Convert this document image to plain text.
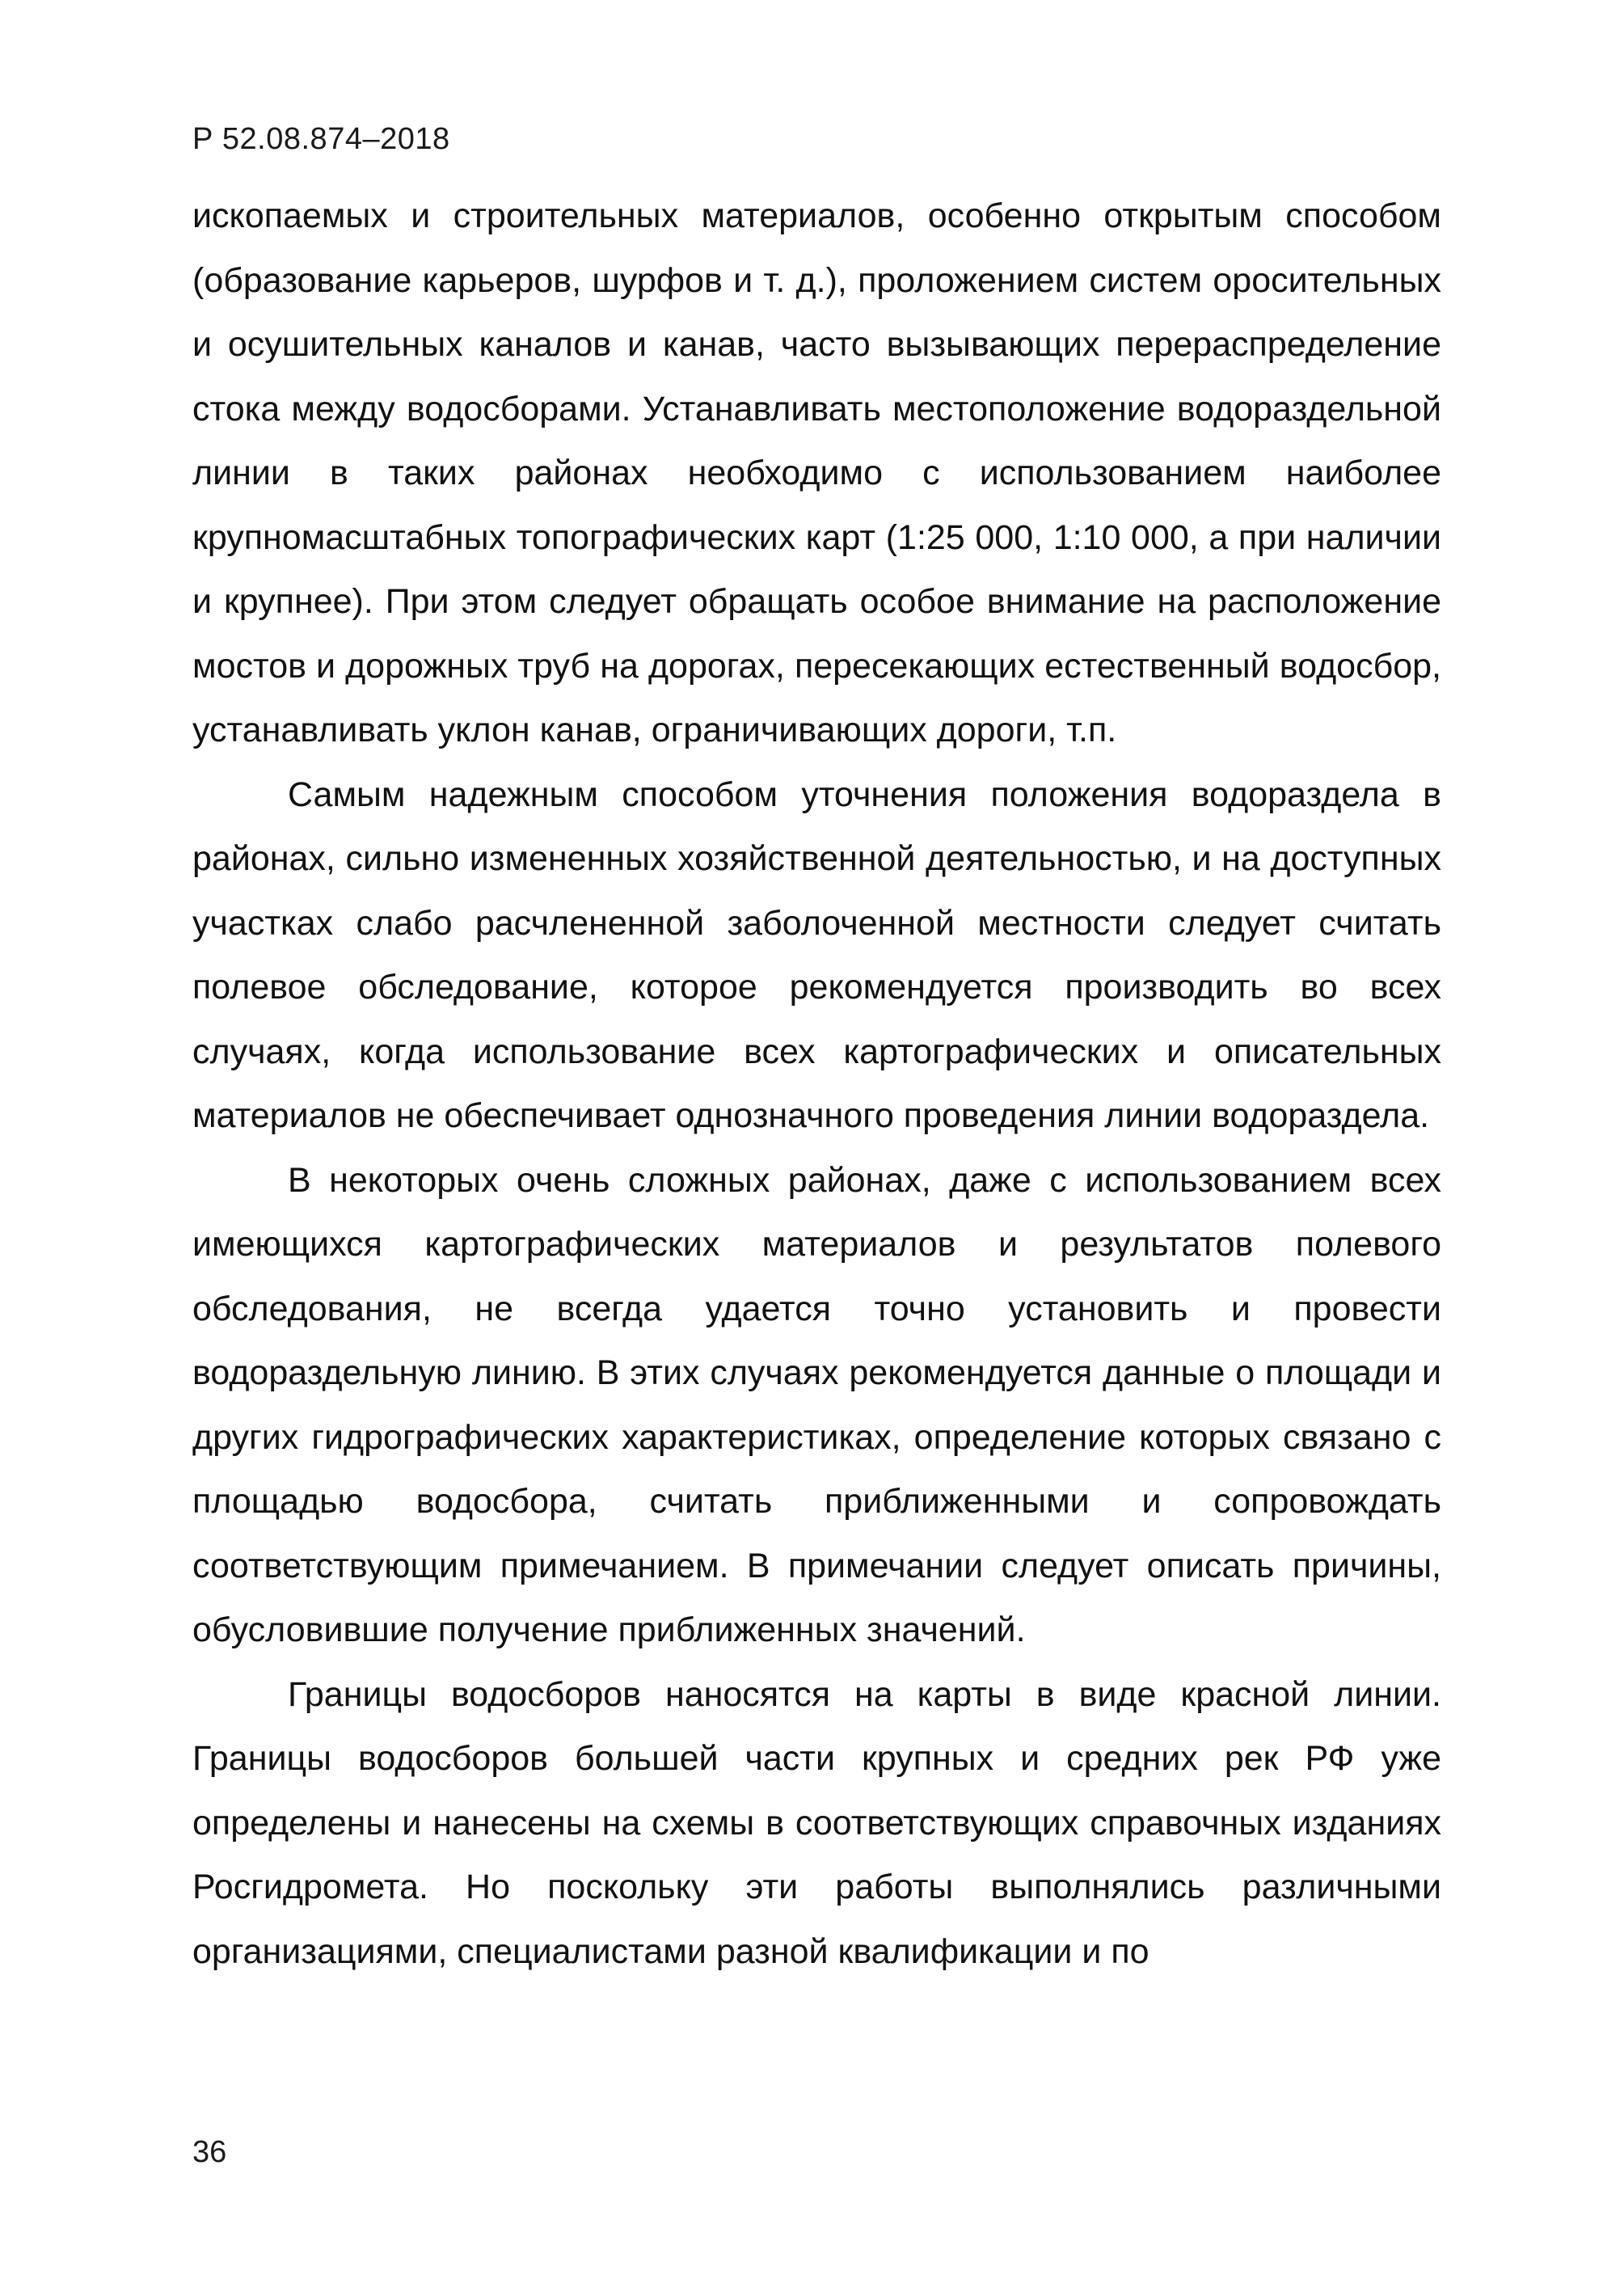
Р 52.08.874–2018

ископаемых и строительных материалов, особенно открытым способом (образование карьеров, шурфов и т. д.), проложением систем оросительных и осушительных каналов и канав, часто вызывающих перераспределение стока между водосборами. Устанавливать местоположение водораздельной линии в таких районах необходимо с использованием наиболее крупномасштабных топографических карт (1:25 000, 1:10 000, а при наличии и крупнее). При этом следует обращать особое внимание на расположение мостов и дорожных труб на дорогах, пересекающих естественный водосбор, устанавливать уклон канав, ограничивающих дороги, т.п.

Самым надежным способом уточнения положения водораздела в районах, сильно измененных хозяйственной деятельностью, и на доступных участках слабо расчлененной заболоченной местности следует считать полевое обследование, которое рекомендуется производить во всех случаях, когда использование всех картографических и описательных материалов не обеспечивает однозначного проведения линии водораздела.

В некоторых очень сложных районах, даже с использованием всех имеющихся картографических материалов и результатов полевого обследования, не всегда удается точно установить и провести водораздельную линию. В этих случаях рекомендуется данные о площади и других гидрографических характеристиках, определение которых связано с площадью водосбора, считать приближенными и сопровождать соответствующим примечанием. В примечании следует описать причины, обусловившие получение приближенных значений.

Границы водосборов наносятся на карты в виде красной линии. Границы водосборов большей части крупных и средних рек РФ уже определены и нанесены на схемы в соответствующих справочных изданиях Росгидромета. Но поскольку эти работы выполнялись различными организациями, специалистами разной квалификации и по

36
